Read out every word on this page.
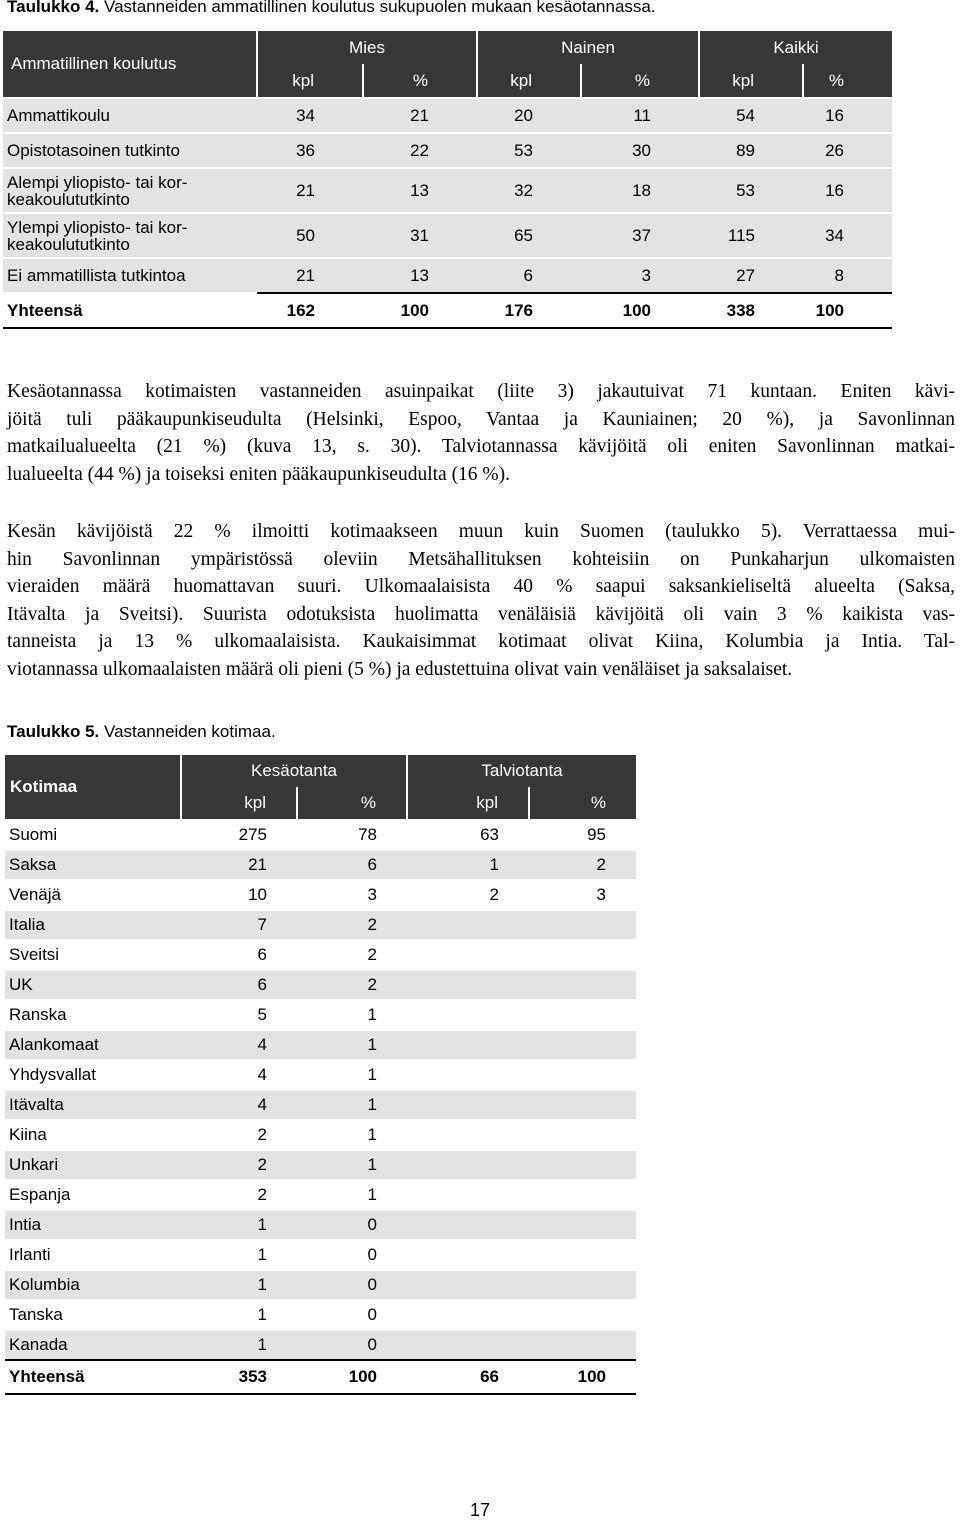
Taulukko 4. Vastanneiden ammatillinen koulutus sukupuolen mukaan kesäotannassa.
Ammatillinen koulutus	Mies		Nainen		Kaikki	
	kpl	%	kpl	%	kpl	%
Ammattikoulu	34	21	20	11	54	16
Opistotasoinen tutkinto	36	22	53	30	89	26
Alempi yliopisto- tai kor-
keakoulututkinto	21	13	32	18	53	16
Ylempi yliopisto- tai kor-
keakoulututkinto	50	31	65	37	115	34
Ei ammatillista tutkintoa	21	13	6	3	27	8
Yhteensä	162	100	176	100	338	100
Kesäotannassa kotimaisten vastanneiden asuinpaikat (liite 3) jakautuivat 71 kuntaan. Eniten kävi-
jöitä tuli pääkaupunkiseudulta (Helsinki, Espoo, Vantaa ja Kauniainen; 20 %), ja Savonlinnan
matkailualueelta (21 %) (kuva 13, s. 30). Talviotannassa kävijöitä oli eniten Savonlinnan matkai-
lualueelta (44 %) ja toiseksi eniten pääkaupunkiseudulta (16 %).
Kesän kävijöistä 22 % ilmoitti kotimaakseen muun kuin Suomen (taulukko 5). Verrattaessa mui-
hin Savonlinnan ympäristössä oleviin Metsähallituksen kohteisiin on Punkaharjun ulkomaisten
vieraiden määrä huomattavan suuri. Ulkomaalaisista 40 % saapui saksankieliseltä alueelta (Saksa,
Itävalta ja Sveitsi). Suurista odotuksista huolimatta venäläisiä kävijöitä oli vain 3 % kaikista vas-
tanneista ja 13 % ulkomaalaisista. Kaukaisimmat kotimaat olivat Kiina, Kolumbia ja Intia. Tal-
viotannassa ulkomaalaisten määrä oli pieni (5 %) ja edustettuina olivat vain venäläiset ja saksalaiset.
Taulukko 5. Vastanneiden kotimaa.
Kotimaa	Kesäotanta		Talviotanta	
	kpl	%	kpl	%
Suomi	275	78	63	95
Saksa	21	6	1	2
Venäjä	10	3	2	3
Italia	7	2		
Sveitsi	6	2		
UK	6	2		
Ranska	5	1		
Alankomaat	4	1		
Yhdysvallat	4	1		
Itävalta	4	1		
Kiina	2	1		
Unkari	2	1		
Espanja	2	1		
Intia	1	0		
Irlanti	1	0		
Kolumbia	1	0		
Tanska	1	0		
Kanada	1	0		
Yhteensä	353	100	66	100
17
